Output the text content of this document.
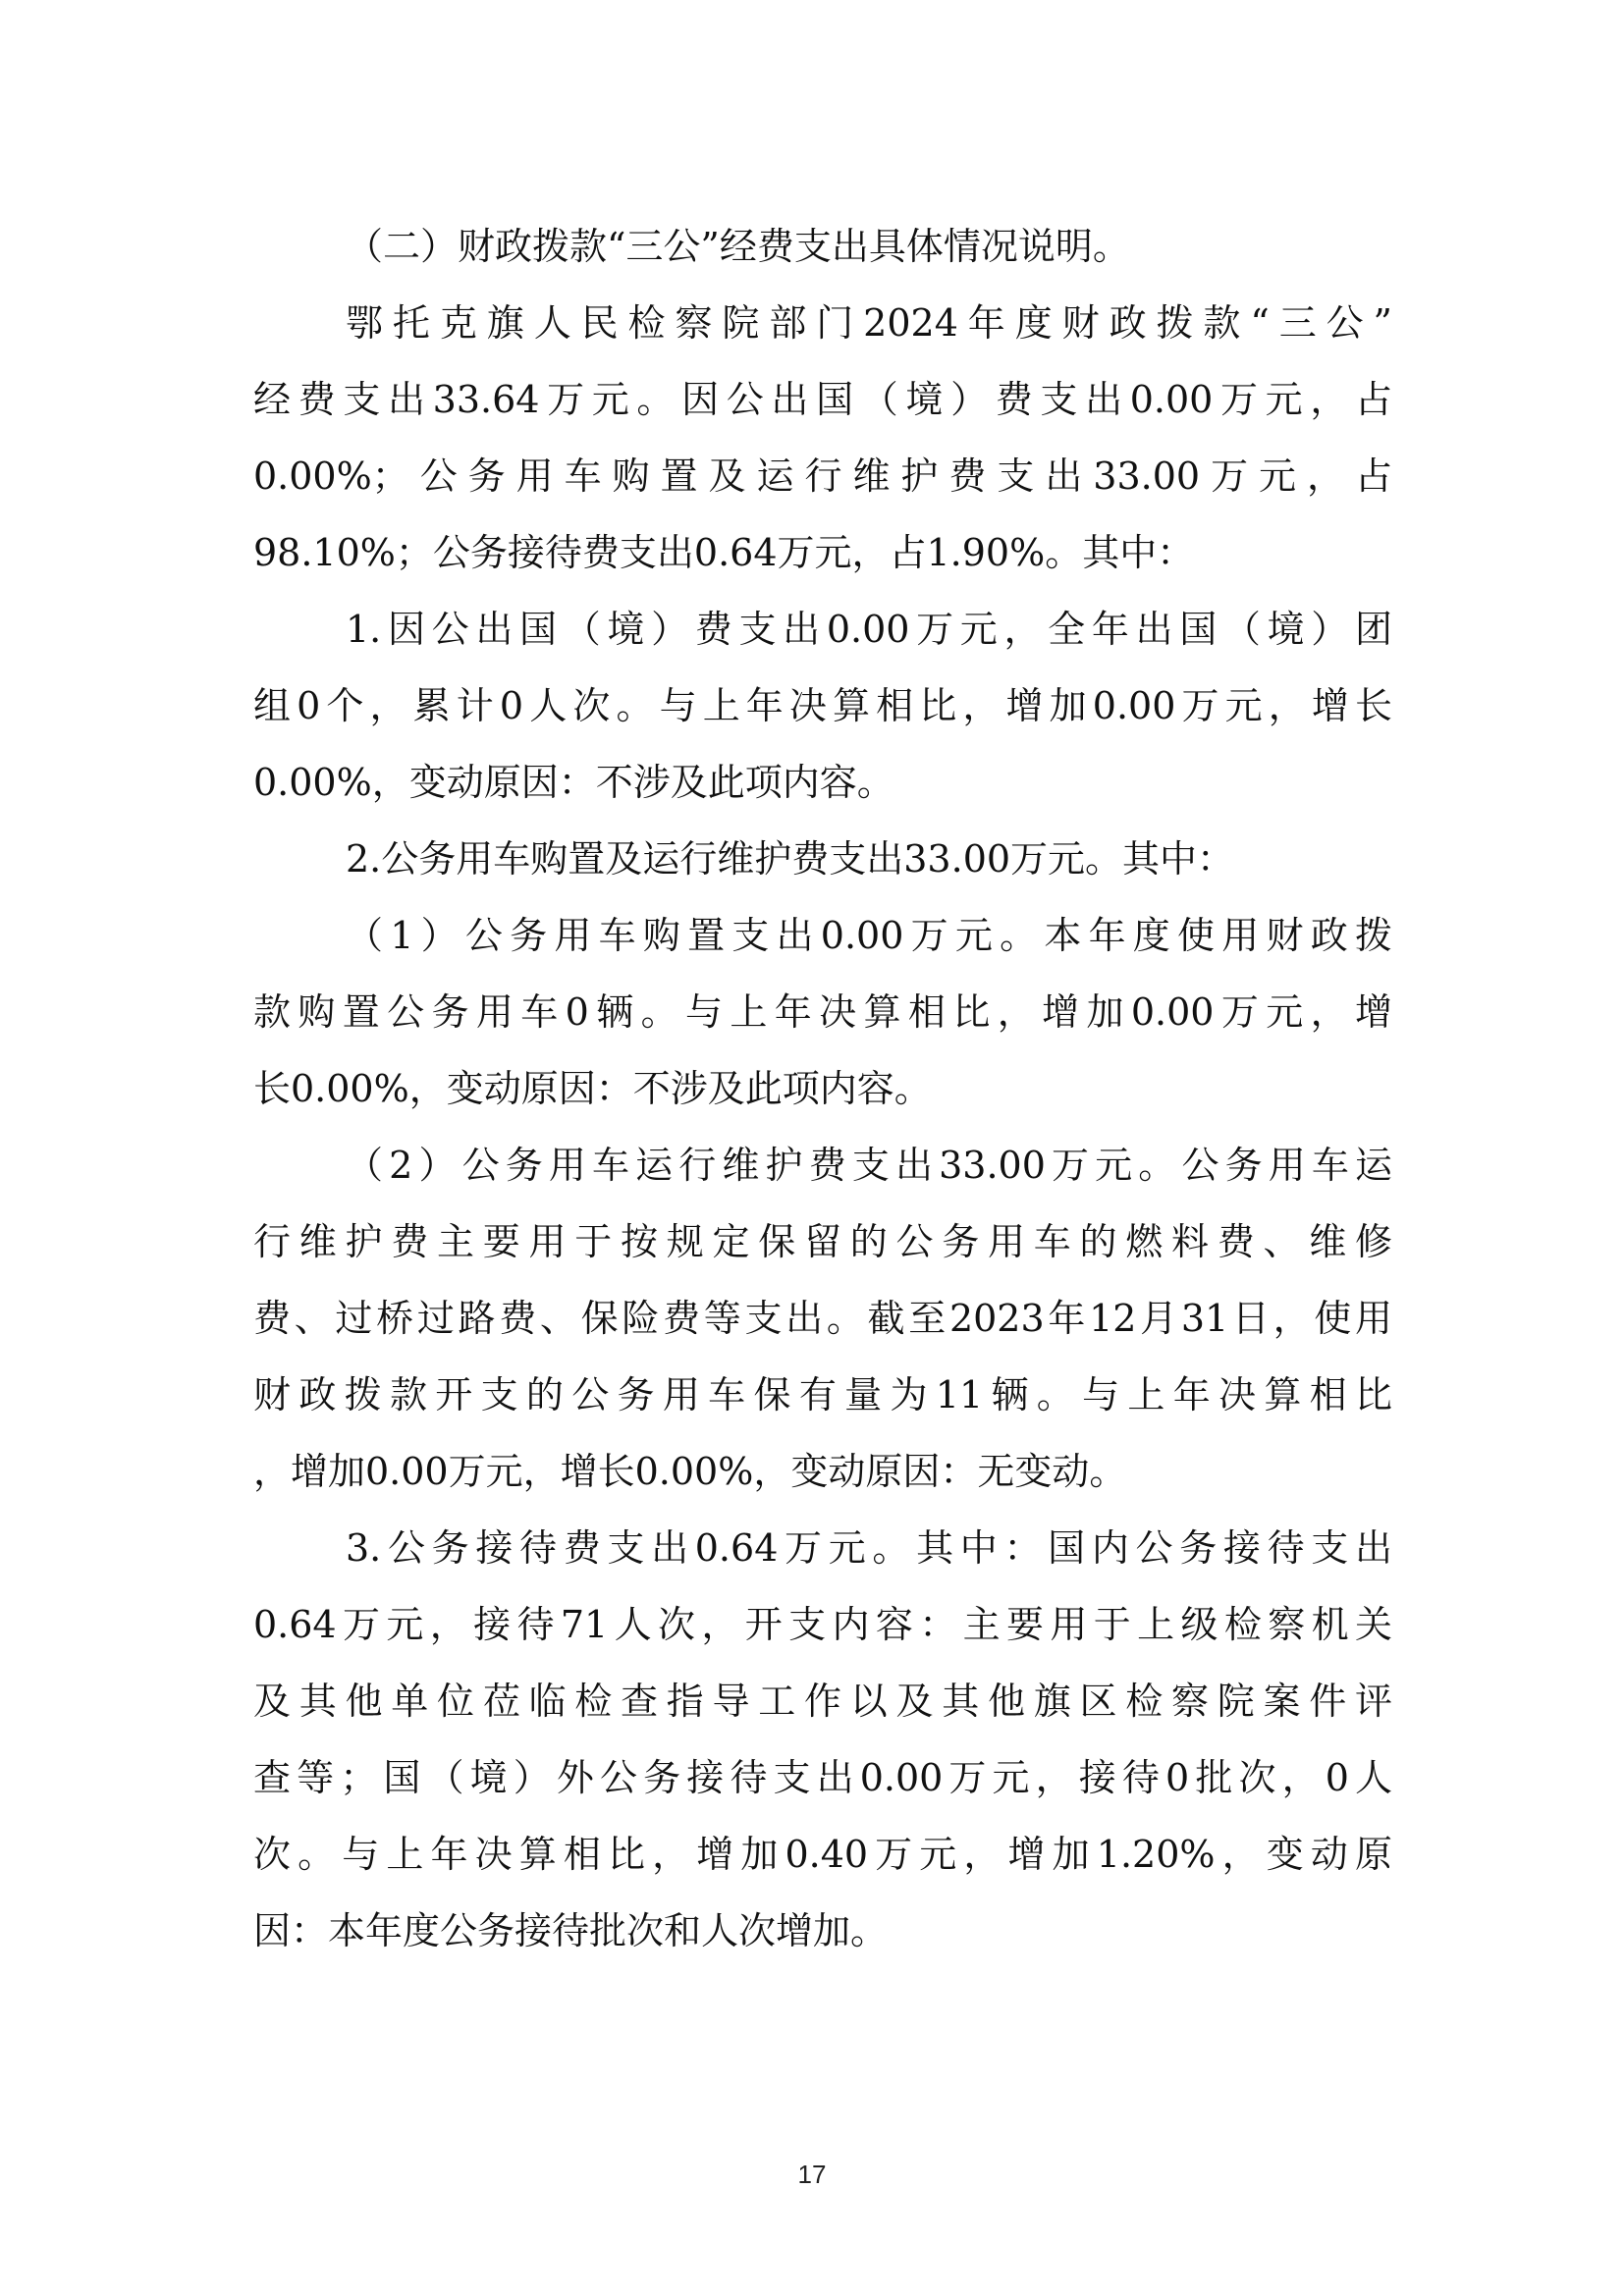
（二）财政拨款“三公”经费支出具体情况说明。
鄂托克旗人民检察院部门2024年度财政拨款“三公”
经费支出33.64万元。因公出国（境）费支出0.00万元，占
0.00%；公务用车购置及运行维护费支出33.00万元，占
98.10%；公务接待费支出0.64万元，占1.90%。其中：
1.因公出国（境）费支出0.00万元，全年出国（境）团
组0个，累计0人次。与上年决算相比，增加0.00万元，增长
0.00%，变动原因：不涉及此项内容。
2.公务用车购置及运行维护费支出33.00万元。其中：
（1）公务用车购置支出0.00万元。本年度使用财政拨
款购置公务用车0辆。与上年决算相比，增加0.00万元，增
长0.00%，变动原因：不涉及此项内容。
（2）公务用车运行维护费支出33.00万元。公务用车运
行维护费主要用于按规定保留的公务用车的燃料费、维修
费、过桥过路费、保险费等支出。截至2023年12月31日，使用
财政拨款开支的公务用车保有量为11辆。与上年决算相比
，增加0.00万元，增长0.00%，变动原因：无变动。
3.公务接待费支出0.64万元。其中：国内公务接待支出
0.64万元，接待71人次，开支内容：主要用于上级检察机关
及其他单位莅临检查指导工作以及其他旗区检察院案件评
查等；国（境）外公务接待支出0.00万元，接待0批次，0人
次。与上年决算相比，增加0.40万元，增加1.20%，变动原
因：本年度公务接待批次和人次增加。
17
